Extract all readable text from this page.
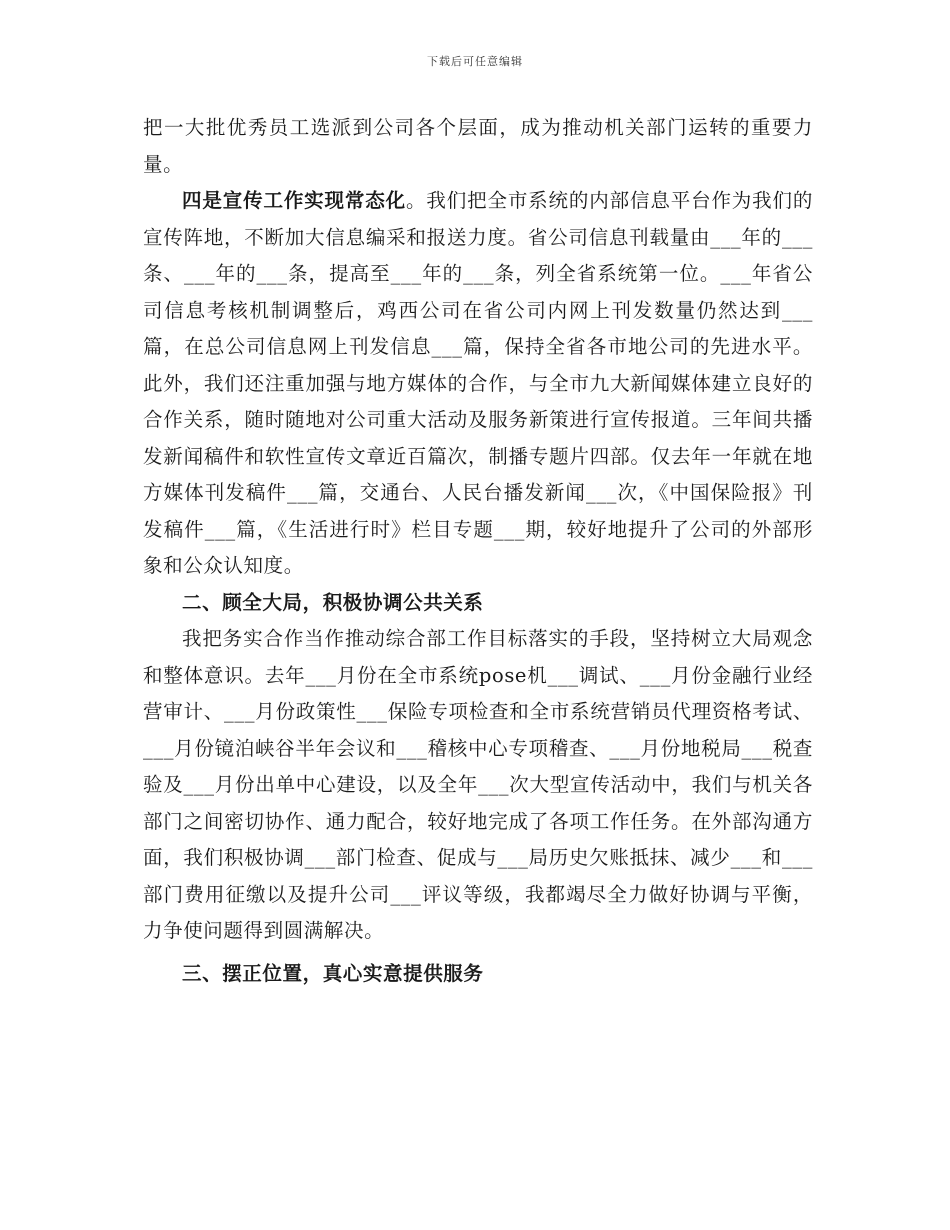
下载后可任意编辑

把一大批优秀员工选派到公司各个层面，成为推动机关部门运转的重要力量。

四是宣传工作实现常态化。我们把全市系统的内部信息平台作为我们的宣传阵地，不断加大信息编采和报送力度。省公司信息刊载量由___年的___条、___年的___条，提高至___年的___条，列全省系统第一位。___年省公司信息考核机制调整后，鸡西公司在省公司内网上刊发数量仍然达到___篇，在总公司信息网上刊发信息___篇，保持全省各市地公司的先进水平。此外，我们还注重加强与地方媒体的合作，与全市九大新闻媒体建立良好的合作关系，随时随地对公司重大活动及服务新策进行宣传报道。三年间共播发新闻稿件和软性宣传文章近百篇次，制播专题片四部。仅去年一年就在地方媒体刊发稿件___篇，交通台、人民台播发新闻___次，《中国保险报》刊发稿件___篇，《生活进行时》栏目专题___期，较好地提升了公司的外部形象和公众认知度。

二、顾全大局，积极协调公共关系

我把务实合作当作推动综合部工作目标落实的手段，坚持树立大局观念和整体意识。去年___月份在全市系统pose机___调试、___月份金融行业经营审计、___月份政策性___保险专项检查和全市系统营销员代理资格考试、___月份镜泊峡谷半年会议和___稽核中心专项稽查、___月份地税局___税查验及___月份出单中心建设，以及全年___次大型宣传活动中，我们与机关各部门之间密切协作、通力配合，较好地完成了各项工作任务。在外部沟通方面，我们积极协调___部门检查、促成与___局历史欠账抵抹、减少___和___部门费用征缴以及提升公司___评议等级，我都竭尽全力做好协调与平衡，力争使问题得到圆满解决。

三、摆正位置，真心实意提供服务
